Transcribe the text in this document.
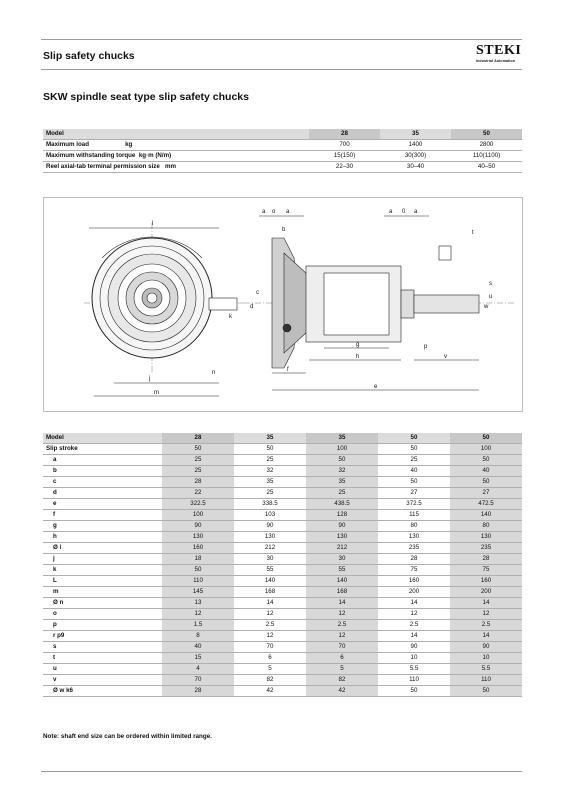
Slip safety chucks	STEKI
Industrial Automation
SKW spindle seat type slip safety chucks
Model	28	35	50
Maximum load kg	700	1400	2800
Maximum withstanding torque kg·m (N/m)	15(150)	30(300)	110(1100)
Reel axial-tab terminal permission size mm	22–30	30–40	40–50
l
j
m
k
n
a o a
b
d
c
g
h
f
e
p
v
t
s
u
w
a 0 a
Model	28	35	35	50	50
Slip stroke	50	50	100	50	100
a	25	25	50	25	50
b	25	32	32	40	40
c	28	35	35	50	50
d	22	25	25	27	27
e	322.5	338.5	438.5	372.5	472.5
f	100	103	128	115	140
g	90	90	90	80	80
h	130	130	130	130	130
Ø i	160	212	212	235	235
j	18	30	30	28	28
k	50	55	55	75	75
L	110	140	140	160	160
m	145	168	168	200	200
Ø n	13	14	14	14	14
o	12	12	12	12	12
p	1.5	2.5	2.5	2.5	2.5
r p9	8	12	12	14	14
s	40	70	70	90	90
t	15	6	6	10	10
u	4	5	5	5.5	5.5
v	70	82	82	110	110
Ø w k6	28	42	42	50	50
Note: shaft end size can be ordered within limited range.
